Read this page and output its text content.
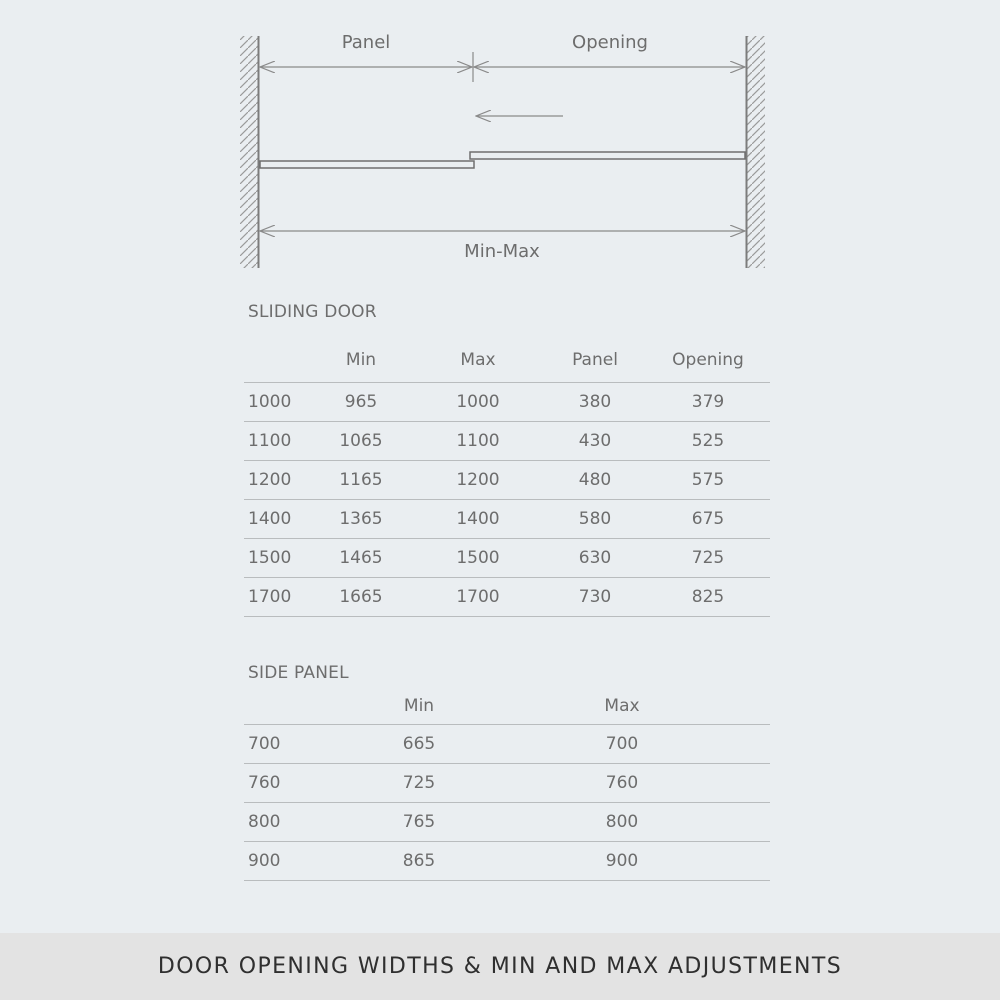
Panel	Opening
Min-Max
SLIDING DOOR
	Min	Max	Panel	Opening
1000	965	1000	380	379
1100	1065	1100	430	525
1200	1165	1200	480	575
1400	1365	1400	580	675
1500	1465	1500	630	725
1700	1665	1700	730	825
SIDE PANEL
	Min	Max
700	665	700
760	725	760
800	765	800
900	865	900
DOOR OPENING WIDTHS & MIN AND MAX ADJUSTMENTS
